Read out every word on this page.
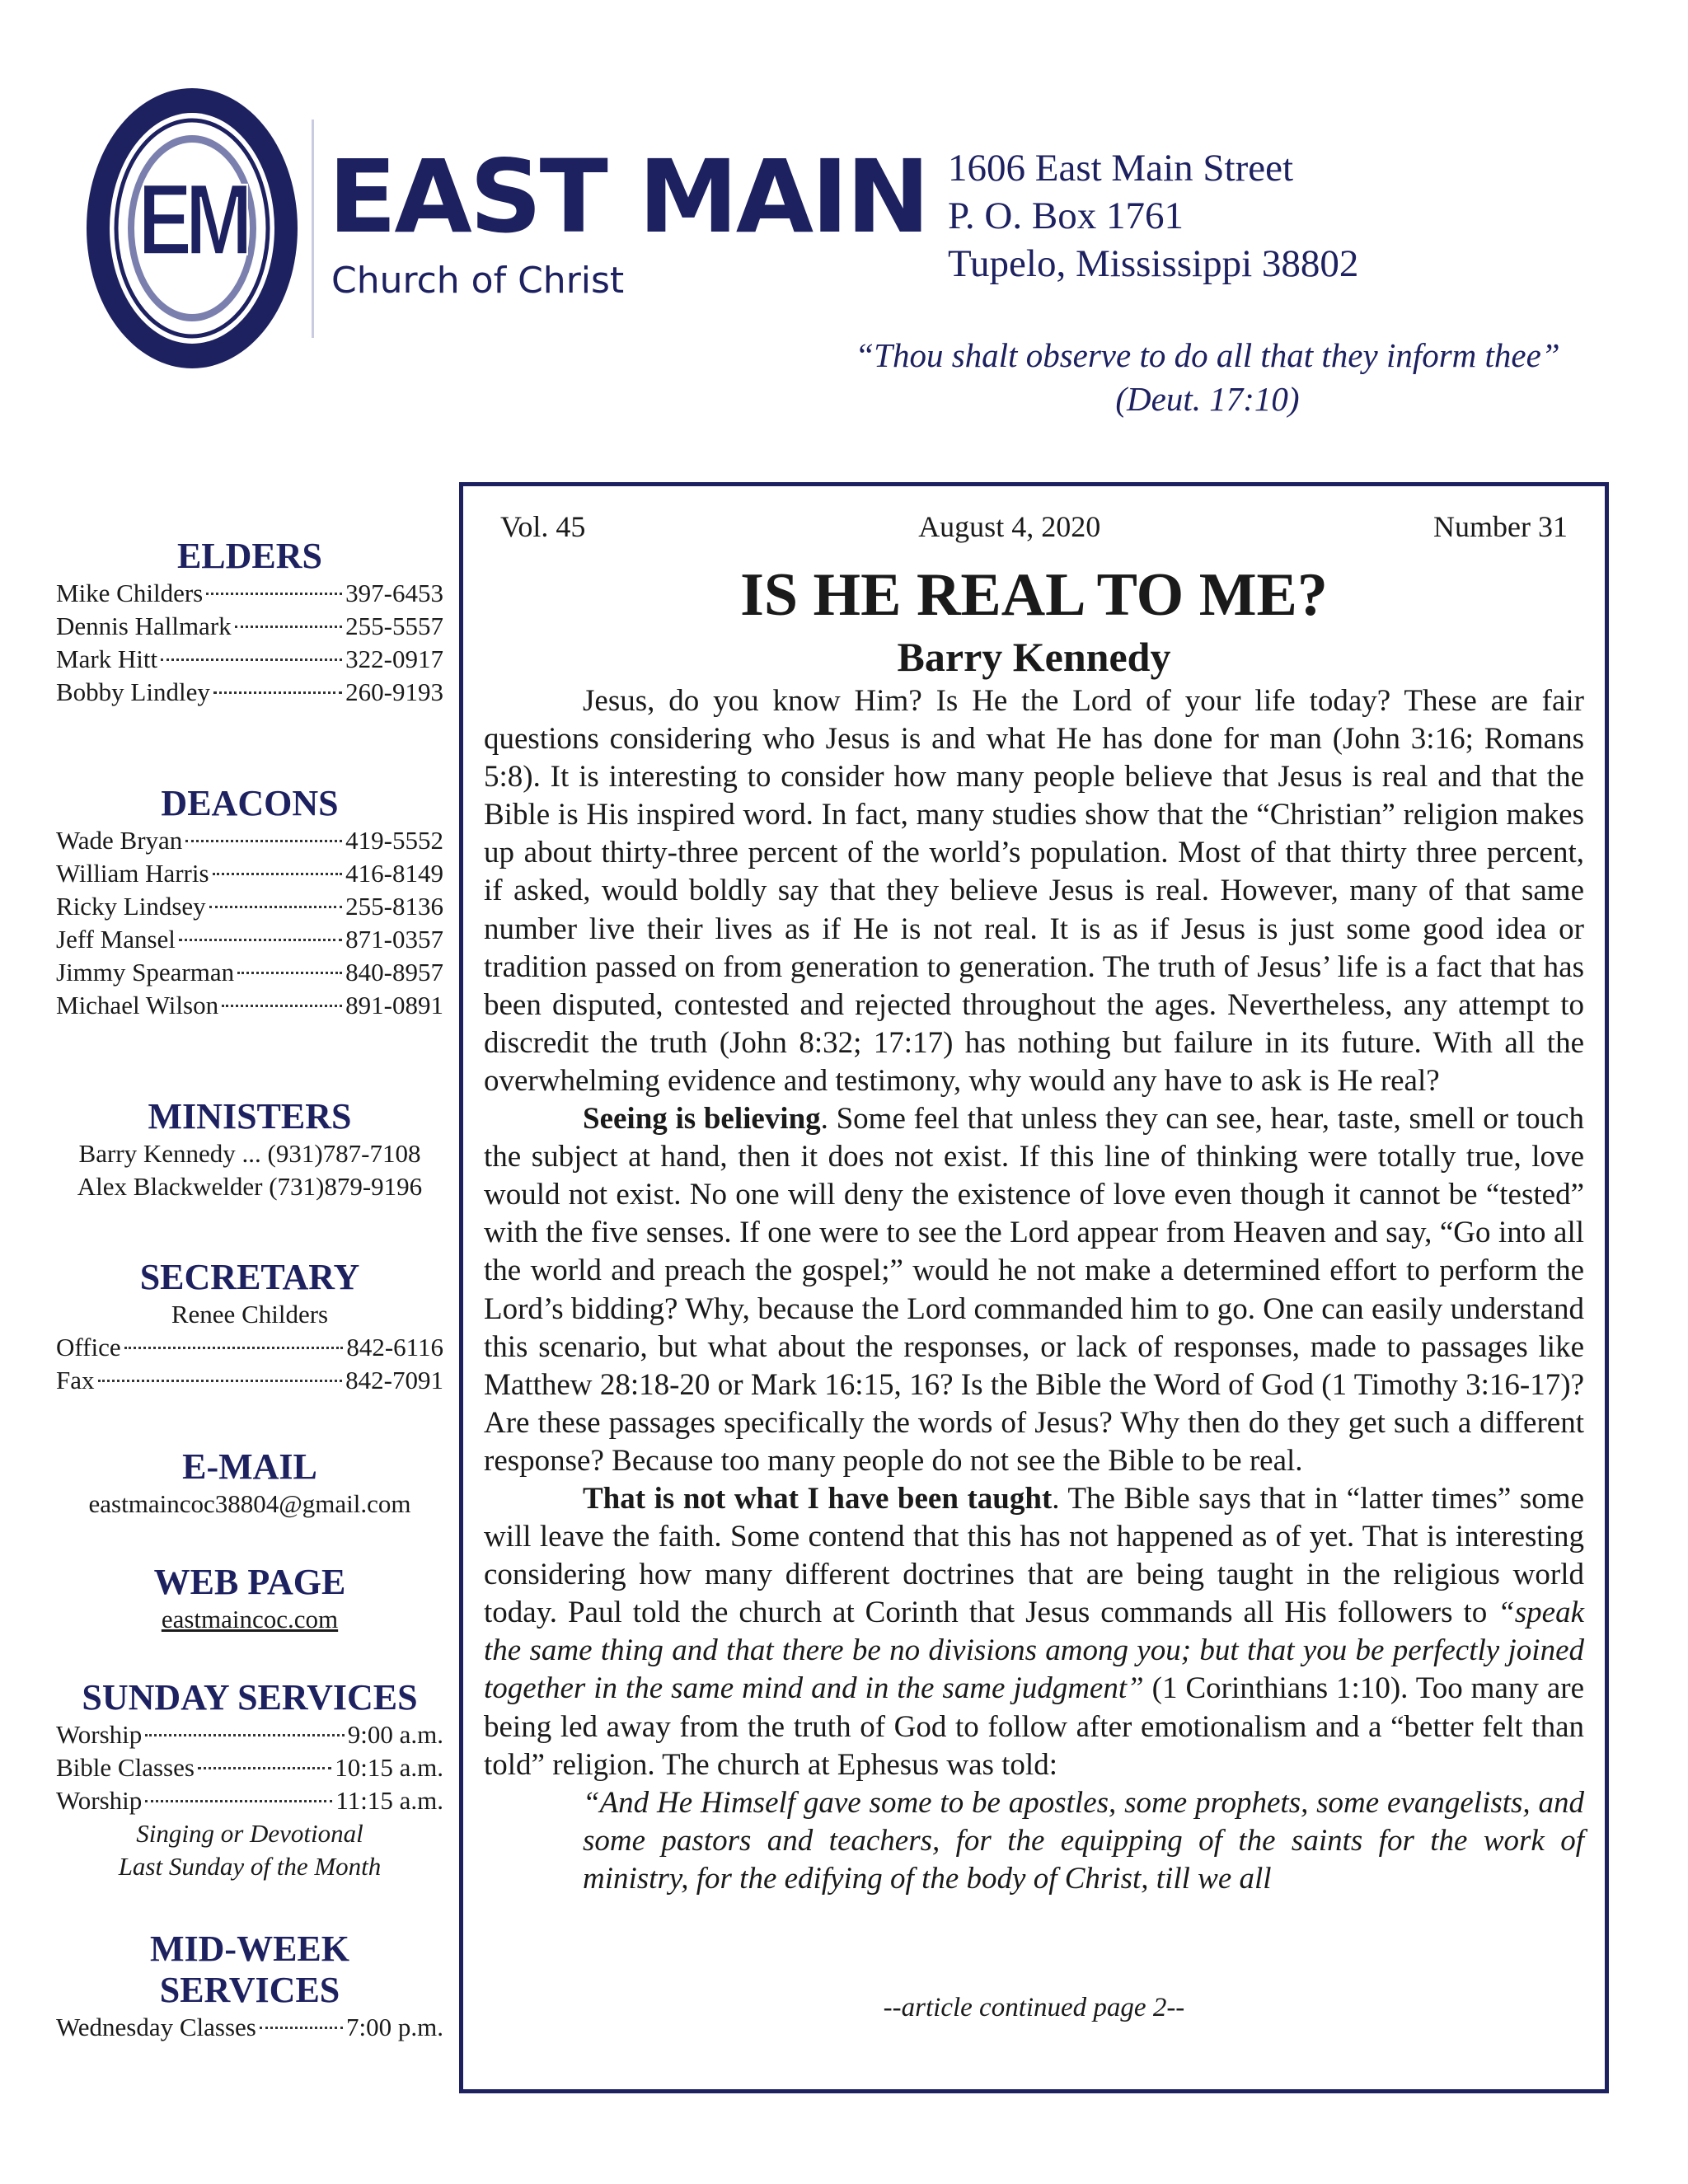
EM EAST MAIN
Church of Christ
1606 East Main Street
P. O. Box 1761
Tupelo, Mississippi 38802
“Thou shalt observe to do all that they inform thee”
(Deut. 17:10)
ELDERS
Mike Childers	397-6453
Dennis Hallmark	255-5557
Mark Hitt	322-0917
Bobby Lindley	260-9193
DEACONS
Wade Bryan	419-5552
William Harris	416-8149
Ricky Lindsey	255-8136
Jeff Mansel	871-0357
Jimmy Spearman	840-8957
Michael Wilson	891-0891
MINISTERS
Barry Kennedy ... (931)787-7108
Alex Blackwelder (731)879-9196
SECRETARY
Renee Childers
Office	842-6116
Fax	842-7091
E-MAIL
eastmaincoc38804@gmail.com
WEB PAGE
eastmaincoc.com
SUNDAY SERVICES
Worship	9:00 a.m.
Bible Classes	10:15 a.m.
Worship	11:15 a.m.
Singing or Devotional
Last Sunday of the Month
MID-WEEK
SERVICES
Wednesday Classes	7:00 p.m.
Vol. 45	August 4, 2020	Number 31
IS HE REAL TO ME?
Barry Kennedy

Jesus, do you know Him? Is He the Lord of your life today? These are fair questions considering who Jesus is and what He has done for man (John 3:16; Romans 5:8). It is interesting to consider how many people believe that Jesus is real and that the Bible is His inspired word. In fact, many studies show that the “Christian” religion makes up about thirty-three percent of the world’s population. Most of that thirty three percent, if asked, would boldly say that they believe Jesus is real. However, many of that same number live their lives as if He is not real. It is as if Jesus is just some good idea or tradition passed on from generation to generation. The truth of Jesus’ life is a fact that has been disputed, contested and rejected throughout the ages. Nevertheless, any attempt to discredit the truth (John 8:32; 17:17) has nothing but failure in its future. With all the overwhelming evidence and testimony, why would any have to ask is He real?

Seeing is believing. Some feel that unless they can see, hear, taste, smell or touch the subject at hand, then it does not exist. If this line of thinking were totally true, love would not exist. No one will deny the existence of love even though it cannot be “tested” with the five senses. If one were to see the Lord appear from Heaven and say, “Go into all the world and preach the gospel;” would he not make a determined effort to perform the Lord’s bidding? Why, because the Lord commanded him to go. One can easily understand this scenario, but what about the responses, or lack of responses, made to passages like Matthew 28:18-20 or Mark 16:15, 16? Is the Bible the Word of God (1 Timothy 3:16-17)? Are these passages specifically the words of Jesus? Why then do they get such a different response? Because too many people do not see the Bible to be real.

That is not what I have been taught. The Bible says that in “latter times” some will leave the faith. Some contend that this has not happened as of yet. That is interesting considering how many different doctrines that are being taught in the religious world today. Paul told the church at Corinth that Jesus commands all His followers to “speak the same thing and that there be no divisions among you; but that you be perfectly joined together in the same mind and in the same judgment” (1 Corinthians 1:10). Too many are being led away from the truth of God to follow after emotionalism and a “better felt than told” religion. The church at Ephesus was told:

“And He Himself gave some to be apostles, some prophets, some evangelists, and some pastors and teachers, for the equipping of the saints for the work of ministry, for the edifying of the body of Christ, till we all

--article continued page 2--
